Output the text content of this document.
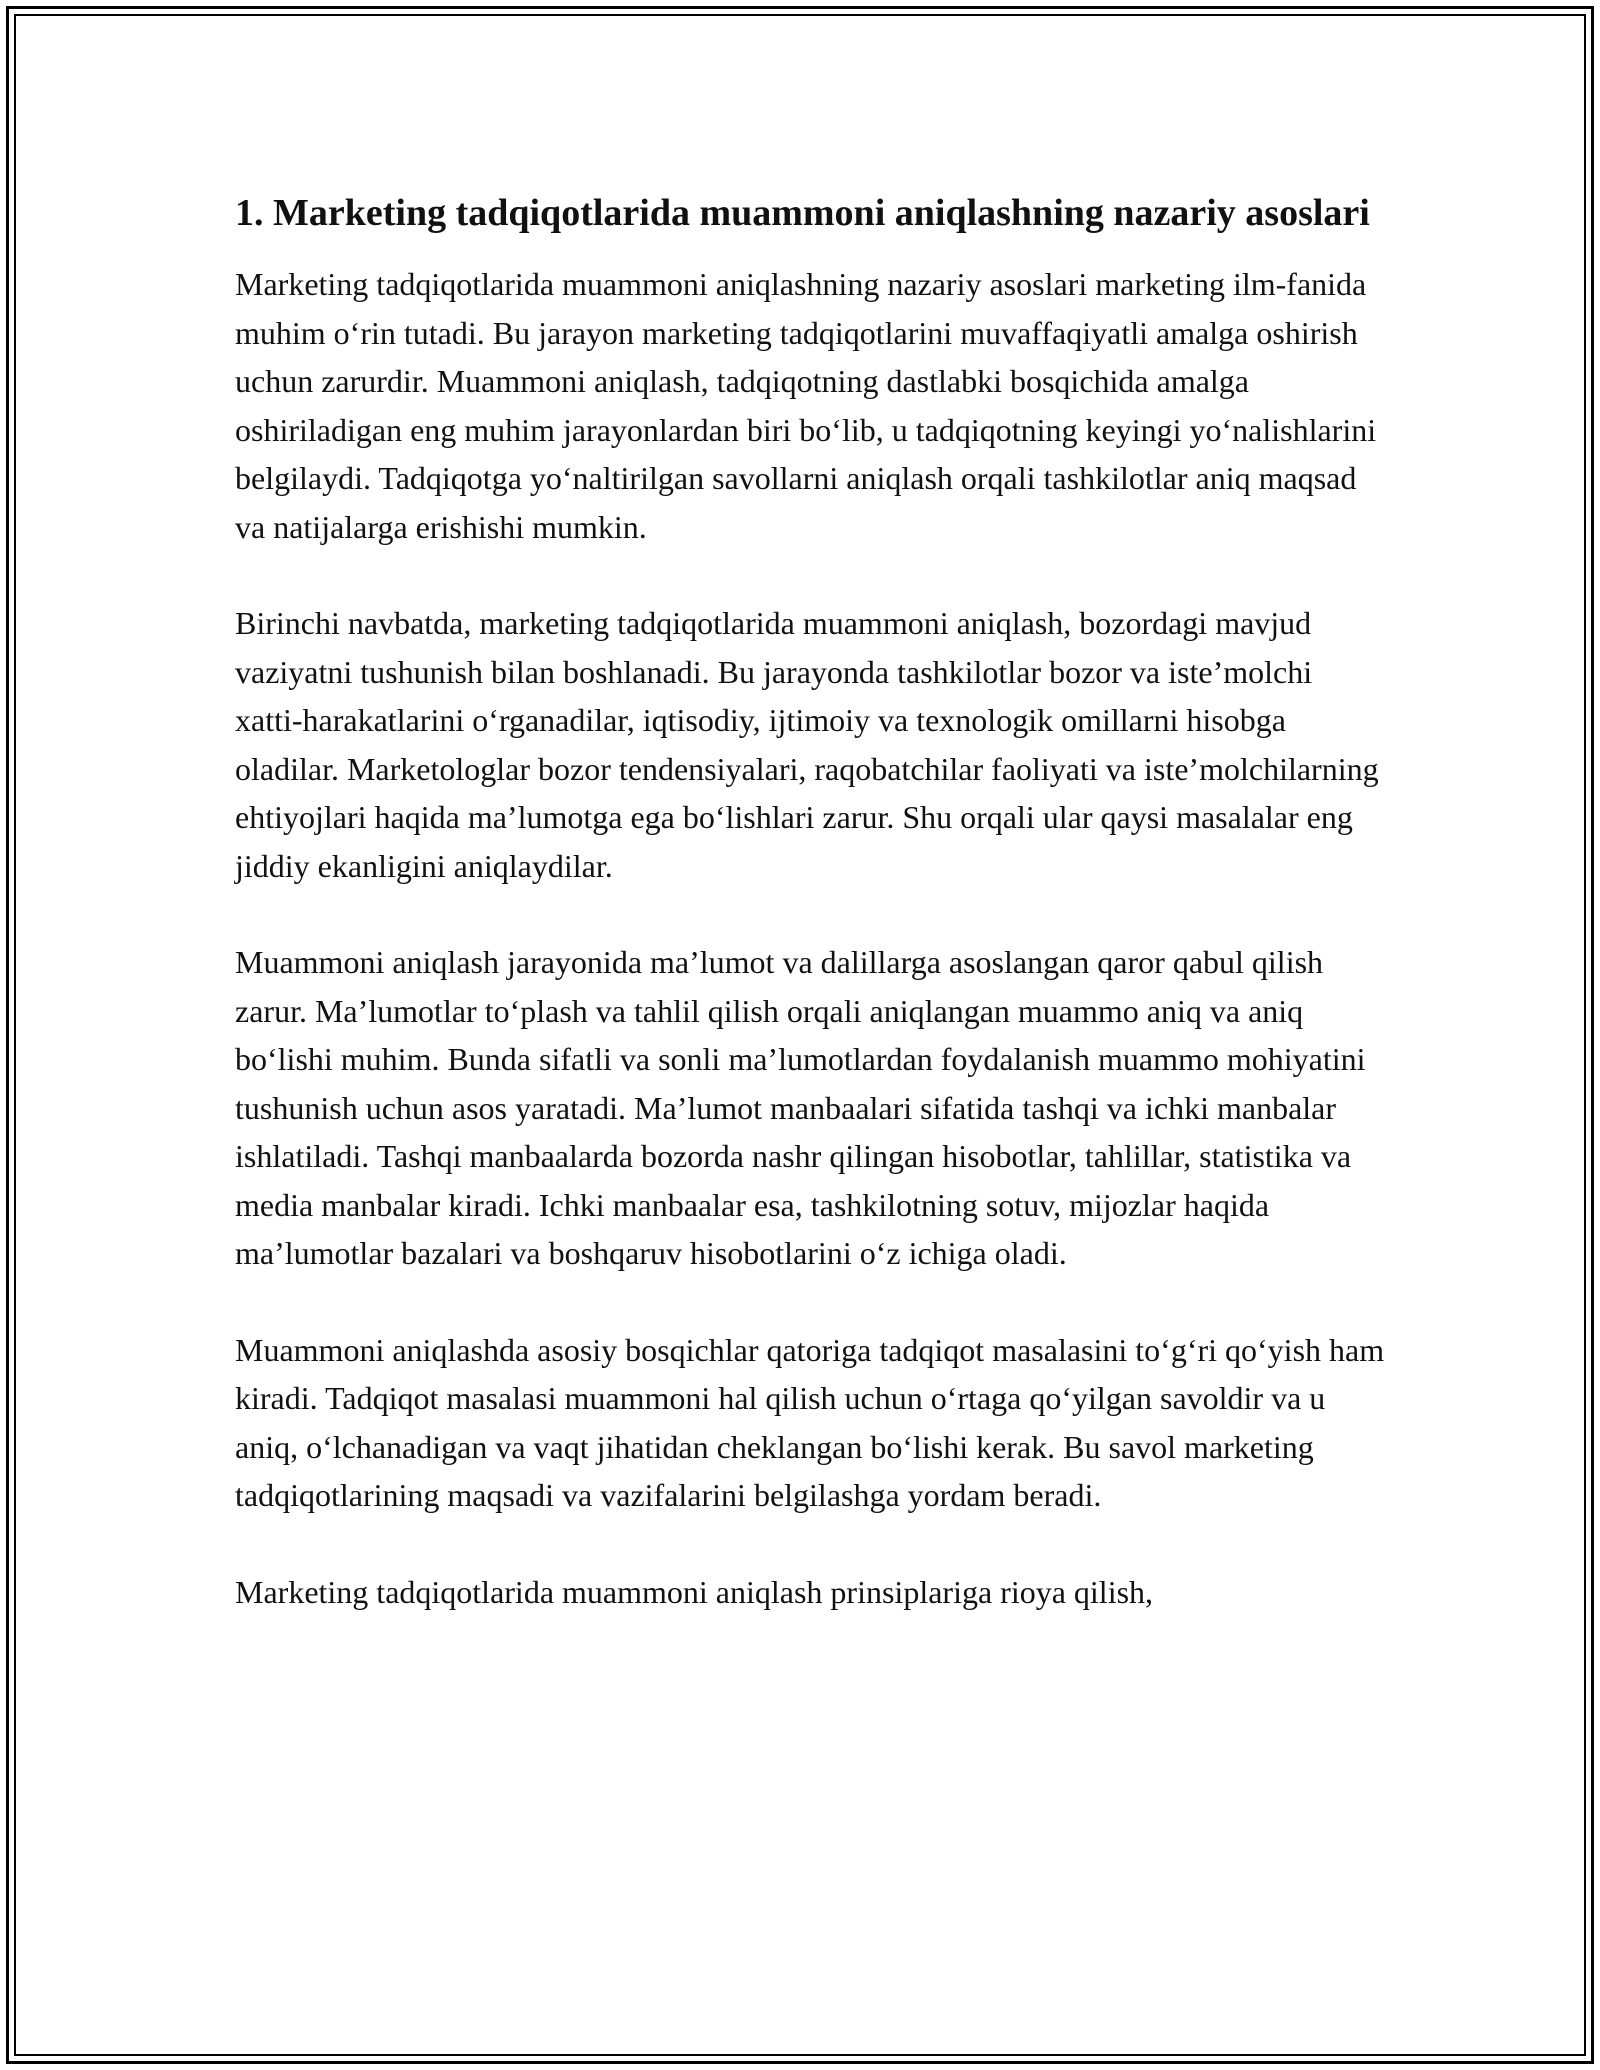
1. Marketing tadqiqotlarida muammoni aniqlashning nazariy asoslari

Marketing tadqiqotlarida muammoni aniqlashning nazariy asoslari marketing ilm-fanida muhim o‘rin tutadi. Bu jarayon marketing tadqiqotlarini muvaffaqiyatli amalga oshirish uchun zarurdir. Muammoni aniqlash, tadqiqotning dastlabki bosqichida amalga oshiriladigan eng muhim jarayonlardan biri bo‘lib, u tadqiqotning keyingi yo‘nalishlarini belgilaydi. Tadqiqotga yo‘naltirilgan savollarni aniqlash orqali tashkilotlar aniq maqsad va natijalarga erishishi mumkin.

Birinchi navbatda, marketing tadqiqotlarida muammoni aniqlash, bozordagi mavjud vaziyatni tushunish bilan boshlanadi. Bu jarayonda tashkilotlar bozor va iste’molchi xatti-harakatlarini o‘rganadilar, iqtisodiy, ijtimoiy va texnologik omillarni hisobga oladilar. Marketologlar bozor tendensiyalari, raqobatchilar faoliyati va iste’molchilarning ehtiyojlari haqida ma’lumotga ega bo‘lishlari zarur. Shu orqali ular qaysi masalalar eng jiddiy ekanligini aniqlaydilar.

Muammoni aniqlash jarayonida ma’lumot va dalillarga asoslangan qaror qabul qilish zarur. Ma’lumotlar to‘plash va tahlil qilish orqali aniqlangan muammo aniq va aniq bo‘lishi muhim. Bunda sifatli va sonli ma’lumotlardan foydalanish muammo mohiyatini tushunish uchun asos yaratadi. Ma’lumot manbaalari sifatida tashqi va ichki manbalar ishlatiladi. Tashqi manbaalarda bozorda nashr qilingan hisobotlar, tahlillar, statistika va media manbalar kiradi. Ichki manbaalar esa, tashkilotning sotuv, mijozlar haqida ma’lumotlar bazalari va boshqaruv hisobotlarini o‘z ichiga oladi.

Muammoni aniqlashda asosiy bosqichlar qatoriga tadqiqot masalasini to‘g‘ri qo‘yish ham kiradi. Tadqiqot masalasi muammoni hal qilish uchun o‘rtaga qo‘yilgan savoldir va u aniq, o‘lchanadigan va vaqt jihatidan cheklangan bo‘lishi kerak. Bu savol marketing tadqiqotlarining maqsadi va vazifalarini belgilashga yordam beradi.

Marketing tadqiqotlarida muammoni aniqlash prinsiplariga rioya qilish,
